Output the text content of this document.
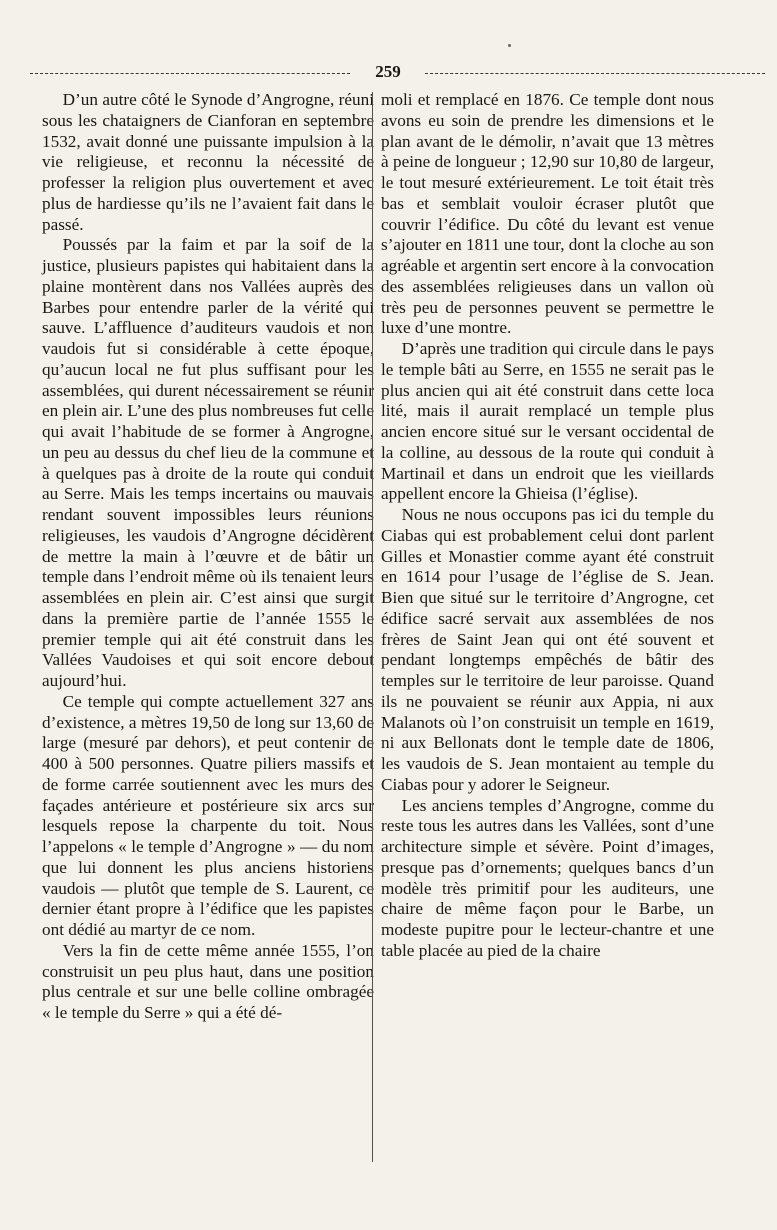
259

D’un autre côté le Synode d’Angrogne, réuni sous les chataigners de Cianforan en septembre 1532, avait donné une puissante impulsion à la vie religieuse, et reconnu la nécessité de professer la religion plus ouvertement et avec plus de hardiesse qu’ils ne l’avaient fait dans le passé.

Poussés par la faim et par la soif de la justice, plusieurs papistes qui habitaient dans la plaine montèrent dans nos Vallées auprès des Barbes pour entendre parler de la vérité qui sauve. L’affluence d’auditeurs vaudois et non vaudois fut si considérable à cette époque, qu’aucun local ne fut plus suffisant pour les assemblées, qui durent nécessairement se réunir en plein air. L’une des plus nombreuses fut celle qui avait l’habitude de se former à Angrogne, un peu au dessus du chef lieu de la commune et à quelques pas à droite de la route qui conduit au Serre. Mais les temps incertains ou mauvais rendant souvent impossibles leurs réunions religieuses, les vaudois d’Angrogne décidèrent de mettre la main à l’œuvre et de bâtir un temple dans l’endroit même où ils tenaient leurs assemblées en plein air. C’est ainsi que surgit dans la première partie de l’année 1555 le premier temple qui ait été construit dans les Vallées Vaudoises et qui soit encore debout aujourd’hui.

Ce temple qui compte actuellement 327 ans d’existence, a mètres 19,50 de long sur 13,60 de large (mesuré par dehors), et peut contenir de 400 à 500 personnes. Quatre piliers massifs et de forme carrée soutiennent avec les murs des façades antérieure et postérieure six arcs sur lesquels repose la charpente du toit. Nous l’appelons « le temple d’Angrogne » — du nom que lui donnent les plus anciens historiens vaudois — plutôt que temple de S. Laurent, ce dernier étant propre à l’édifice que les papistes ont dédié au martyr de ce nom.

Vers la fin de cette même année 1555, l’on construisit un peu plus haut, dans une position plus centrale et sur une belle colline ombragée « le temple du Serre » qui a été dé-

moli et remplacé en 1876. Ce temple dont nous avons eu soin de prendre les dimensions et le plan avant de le démolir, n’avait que 13 mètres à peine de longueur ; 12,90 sur 10,80 de largeur, le tout mesuré extérieurement. Le toit était très bas et semblait vouloir écraser plutôt que couvrir l’édifice. Du côté du levant est venue s’ajouter en 1811 une tour, dont la cloche au son agréable et argentin sert encore à la convocation des assemblées religieuses dans un vallon où très peu de personnes peuvent se permettre le luxe d’une montre.

D’après une tradition qui circule dans le pays le temple bâti au Serre, en 1555 ne serait pas le plus ancien qui ait été construit dans cette loca lité, mais il aurait remplacé un temple plus ancien encore situé sur le versant occidental de la colline, au dessous de la route qui conduit à Martinail et dans un endroit que les vieillards appellent encore la Ghieisa (l’église).

Nous ne nous occupons pas ici du temple du Ciabas qui est probablement celui dont parlent Gilles et Monastier comme ayant été construit en 1614 pour l’usage de l’église de S. Jean. Bien que situé sur le territoire d’Angrogne, cet édifice sacré servait aux assemblées de nos frères de Saint Jean qui ont été souvent et pendant longtemps empêchés de bâtir des temples sur le territoire de leur paroisse. Quand ils ne pouvaient se réunir aux Appia, ni aux Malanots où l’on construisit un temple en 1619, ni aux Bellonats dont le temple date de 1806, les vaudois de S. Jean montaient au temple du Ciabas pour y adorer le Seigneur.

Les anciens temples d’Angrogne, comme du reste tous les autres dans les Vallées, sont d’une architecture simple et sévère. Point d’images, presque pas d’ornements; quelques bancs d’un modèle très primitif pour les auditeurs, une chaire de même façon pour le Barbe, un modeste pupitre pour le lecteur-chantre et une table placée au pied de la chaire
